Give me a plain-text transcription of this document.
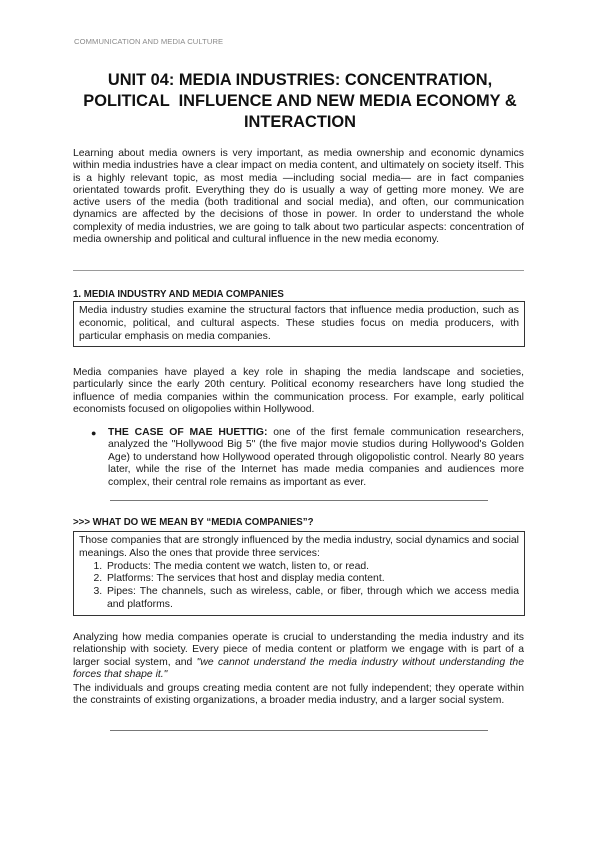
COMMUNICATION AND MEDIA CULTURE
UNIT 04: MEDIA INDUSTRIES: CONCENTRATION,
POLITICAL  INFLUENCE AND NEW MEDIA ECONOMY &
INTERACTION
Learning about media owners is very important, as media ownership and economic dynamics within media industries have a clear impact on media content, and ultimately on society itself. This is a highly relevant topic, as most media —including social media— are in fact companies orientated towards profit. Everything they do is usually a way of getting more money. We are active users of the media (both traditional and social media), and often, our communication dynamics are affected by the decisions of those in power. In order to understand the whole complexity of media industries, we are going to talk about two particular aspects: concentration of media ownership and political and cultural influence in the new media economy.
1. MEDIA INDUSTRY AND MEDIA COMPANIES
Media industry studies examine the structural factors that influence media production, such as economic, political, and cultural aspects. These studies focus on media producers, with particular emphasis on media companies.
Media companies have played a key role in shaping the media landscape and societies, particularly since the early 20th century. Political economy researchers have long studied the influence of media companies within the communication process. For example, early political economists focused on oligopolies within Hollywood.
● THE CASE OF MAE HUETTIG: one of the first female communication researchers, analyzed the "Hollywood Big 5" (the five major movie studios during Hollywood's Golden Age) to understand how Hollywood operated through oligopolistic control. Nearly 80 years later, while the rise of the Internet has made media companies and audiences more complex, their central role remains as important as ever.
>>> WHAT DO WE MEAN BY “MEDIA COMPANIES”?
Those companies that are strongly influenced by the media industry, social dynamics and social meanings. Also the ones that provide three services:
1. Products: The media content we watch, listen to, or read.
2. Platforms: The services that host and display media content.
3. Pipes: The channels, such as wireless, cable, or fiber, through which we access media and platforms.
Analyzing how media companies operate is crucial to understanding the media industry and its relationship with society. Every piece of media content or platform we engage with is part of a larger social system, and "we cannot understand the media industry without understanding the forces that shape it."
The individuals and groups creating media content are not fully independent; they operate within the constraints of existing organizations, a broader media industry, and a larger social system.
